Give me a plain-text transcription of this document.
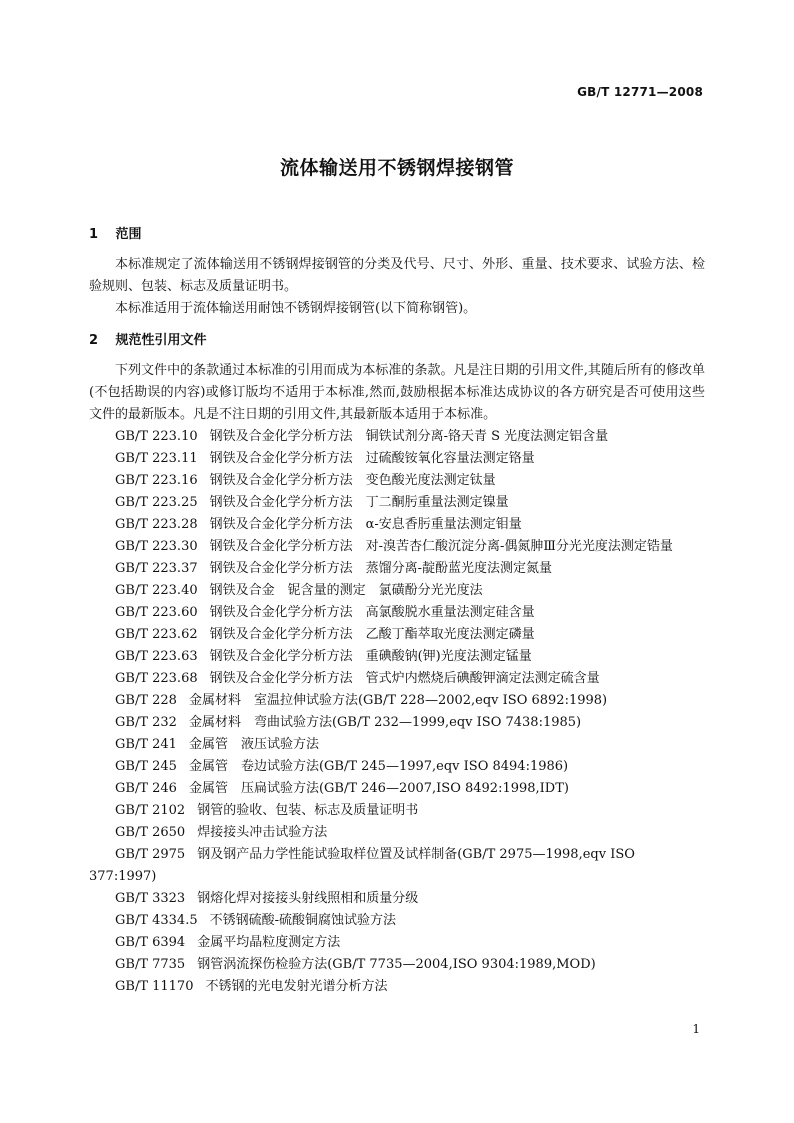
GB/T 12771—2008
流体输送用不锈钢焊接钢管
1 范围

本标准规定了流体输送用不锈钢焊接钢管的分类及代号、尺寸、外形、重量、技术要求、试验方法、检验规则、包装、标志及质量证明书。

本标准适用于流体输送用耐蚀不锈钢焊接钢管(以下简称钢管)。

2 规范性引用文件

下列文件中的条款通过本标准的引用而成为本标准的条款。凡是注日期的引用文件,其随后所有的修改单(不包括勘误的内容)或修订版均不适用于本标准,然而,鼓励根据本标准达成协议的各方研究是否可使用这些文件的最新版本。凡是不注日期的引用文件,其最新版本适用于本标准。

GB/T 223.10 钢铁及合金化学分析方法　铜铁试剂分离-铬天青 S 光度法测定铝含量
GB/T 223.11 钢铁及合金化学分析方法　过硫酸铵氧化容量法测定铬量
GB/T 223.16 钢铁及合金化学分析方法　变色酸光度法测定钛量
GB/T 223.25 钢铁及合金化学分析方法　丁二酮肟重量法测定镍量
GB/T 223.28 钢铁及合金化学分析方法　α-安息香肟重量法测定钼量
GB/T 223.30 钢铁及合金化学分析方法　对-溴苦杏仁酸沉淀分离-偶氮胂Ⅲ分光光度法测定锆量
GB/T 223.37 钢铁及合金化学分析方法　蒸馏分离-靛酚蓝光度法测定氮量
GB/T 223.40 钢铁及合金　铌含量的测定　氯磺酚分光光度法
GB/T 223.60 钢铁及合金化学分析方法　高氯酸脱水重量法测定硅含量
GB/T 223.62 钢铁及合金化学分析方法　乙酸丁酯萃取光度法测定磷量
GB/T 223.63 钢铁及合金化学分析方法　重碘酸钠(钾)光度法测定锰量
GB/T 223.68 钢铁及合金化学分析方法　管式炉内燃烧后碘酸钾滴定法测定硫含量
GB/T 228 金属材料　室温拉伸试验方法(GB/T 228—2002,eqv ISO 6892:1998)
GB/T 232 金属材料　弯曲试验方法(GB/T 232—1999,eqv ISO 7438:1985)
GB/T 241 金属管　液压试验方法
GB/T 245 金属管　卷边试验方法(GB/T 245—1997,eqv ISO 8494:1986)
GB/T 246 金属管　压扁试验方法(GB/T 246—2007,ISO 8492:1998,IDT)
GB/T 2102 钢管的验收、包装、标志及质量证明书
GB/T 2650 焊接接头冲击试验方法
GB/T 2975 钢及钢产品力学性能试验取样位置及试样制备(GB/T 2975—1998,eqv ISO 377:1997)
GB/T 3323 钢熔化焊对接接头射线照相和质量分级
GB/T 4334.5 不锈钢硫酸-硫酸铜腐蚀试验方法
GB/T 6394 金属平均晶粒度测定方法
GB/T 7735 钢管涡流探伤检验方法(GB/T 7735—2004,ISO 9304:1989,MOD)
GB/T 11170 不锈钢的光电发射光谱分析方法
1
